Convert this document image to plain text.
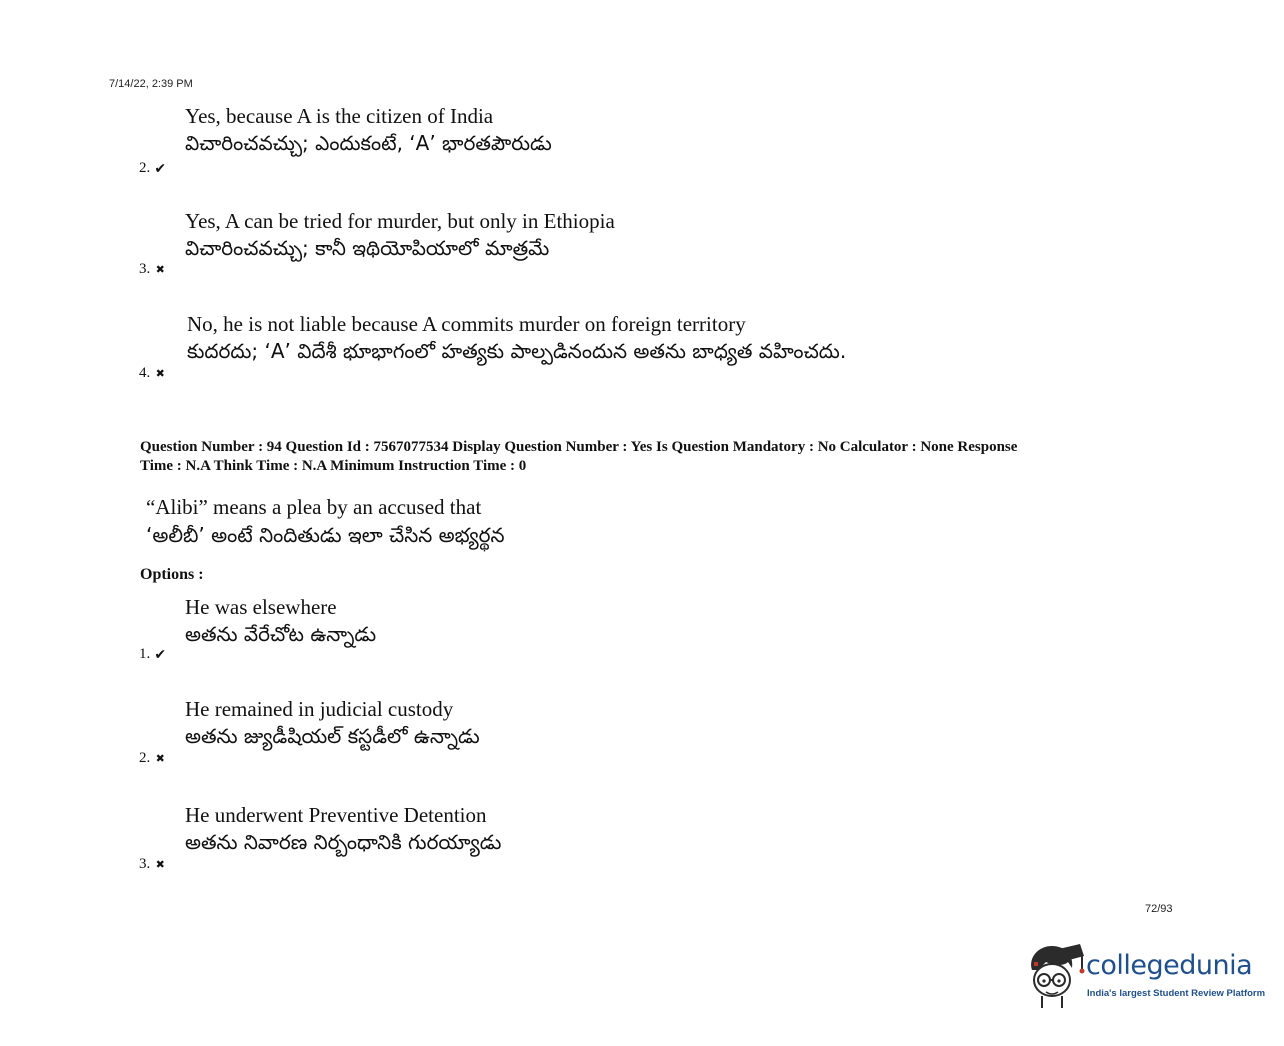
7/14/22, 2:39 PM
Yes, because A is the citizen of India
విచారించవచ్చు; ఎందుకంటే, ‘A’ భారతపౌరుడు
2. ✔
Yes, A can be tried for murder, but only in Ethiopia
విచారించవచ్చు; కానీ ఇథియోపియాలో మాత్రమే
3. ✖
No, he is not liable because A commits murder on foreign territory
కుదరదు; ‘A’ విదేశీ భూభాగంలో హత్యకు పాల్పడినందున అతను బాధ్యత వహించదు.
4. ✖
Question Number : 94 Question Id : 7567077534 Display Question Number : Yes Is Question Mandatory : No Calculator : None Response
Time : N.A Think Time : N.A Minimum Instruction Time : 0
“Alibi” means a plea by an accused that
‘అలీబీ’ అంటే నిందితుడు ఇలా చేసిన అభ్యర్థన
Options :
He was elsewhere
అతను వేరేచోట ఉన్నాడు
1. ✔
He remained in judicial custody
అతను జ్యుడీషియల్ కస్టడీలో ఉన్నాడు
2. ✖
He underwent Preventive Detention
అతను నివారణ నిర్బంధానికి గురయ్యాడు
3. ✖
72/93
collegedunia
India's largest Student Review Platform
